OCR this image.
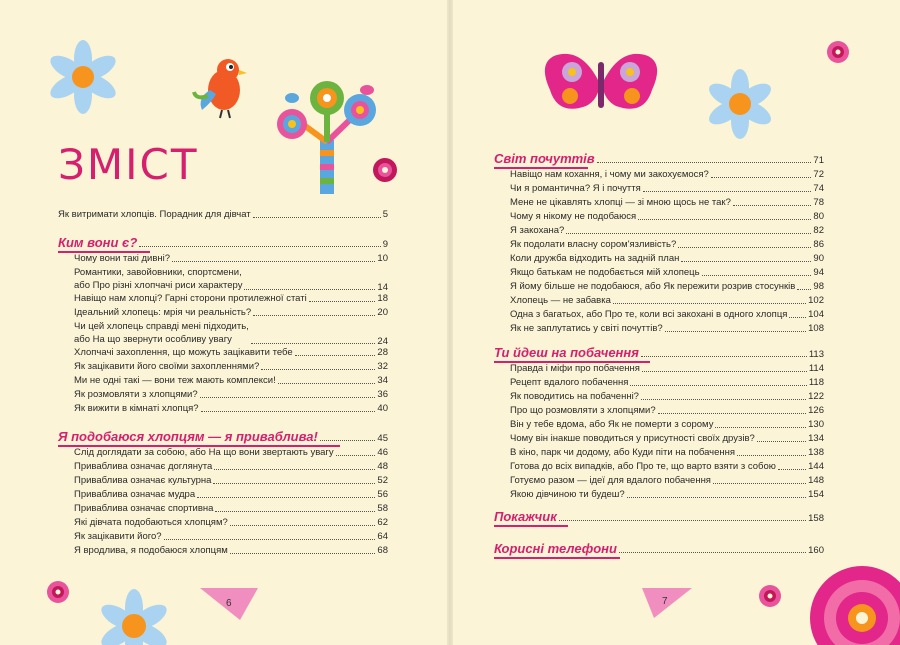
6	7
ЗМІСТ
Як витримати хлопців. Порадник для дівчат	5
Ким вони є?	9
Чому вони такі дивні?	10
Романтики, завойовники, спортсмени,
або Про різні хлопчачі риси характеру	14
Навіщо нам хлопці? Гарні сторони протилежної статі	18
Ідеальний хлопець: мрія чи реальність?	20
Чи цей хлопець справді мені підходить,
або На що звернути особливу увагу	24
Хлопчачі захоплення, що можуть зацікавити тебе	28
Як зацікавити його своїми захопленнями?	32
Ми не одні такі — вони теж мають комплекси!	34
Як розмовляти з хлопцями?	36
Як вижити в кімнаті хлопця?	40
Я подобаюся хлопцям — я приваблива!	45
Слід доглядати за собою, або На що вони звертають увагу	46
Приваблива означає доглянута	48
Приваблива означає культурна	52
Приваблива означає мудра	56
Приваблива означає спортивна	58
Які дівчата подобаються хлопцям?	62
Як зацікавити його?	64
Я вродлива, я подобаюся хлопцям	68
Світ почуттів	71
Навіщо нам кохання, і чому ми закохуємося?	72
Чи я романтична? Я і почуття	74
Мене не цікавлять хлопці — зі мною щось не так?	78
Чому я нікому не подобаюся	80
Я закохана?	82
Як подолати власну сором'язливість?	86
Коли дружба відходить на задній план	90
Якщо батькам не подобається мій хлопець	94
Я йому більше не подобаюся, або Як пережити розрив стосунків 98
Хлопець — не забавка	102
Одна з багатьох, або Про те, коли всі закохані в одного хлопця 104
Як не заплутатись у світі почуттів?	108
Ти йдеш на побачення	113
Правда і міфи про побачення	114
Рецепт вдалого побачення	118
Як поводитись на побаченні?	122
Про що розмовляти з хлопцями?	126
Він у тебе вдома, або Як не померти з сорому	130
Чому він інакше поводиться у присутності своїх друзів?	134
В кіно, парк чи додому, або Куди піти на побачення	138
Готова до всіх випадків, або Про те, що варто взяти з собою	144
Готуємо разом — ідеї для вдалого побачення	148
Якою дівчиною ти будеш?	154
Покажчик	158
Корисні телефони	160
